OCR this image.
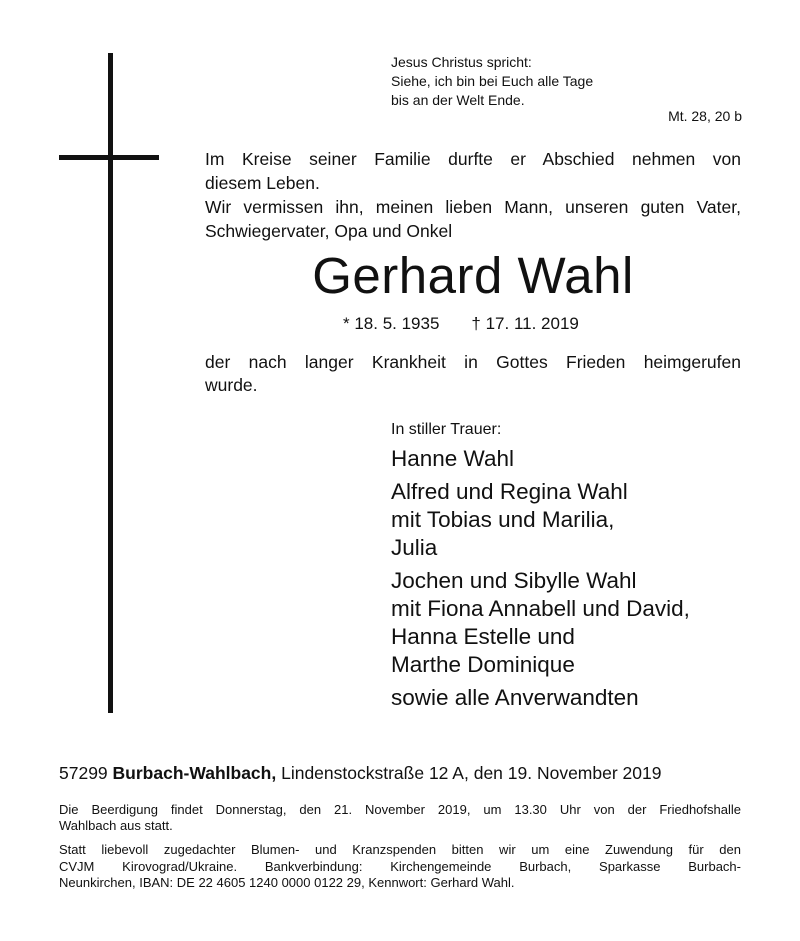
Jesus Christus spricht:
Siehe, ich bin bei Euch alle Tage
bis an der Welt Ende.
Mt. 28, 20 b
Im Kreise seiner Familie durfte er Abschied nehmen von
diesem Leben.
Wir vermissen ihn, meinen lieben Mann, unseren guten Vater,
Schwiegervater, Opa und Onkel
Gerhard Wahl
* 18. 5. 1935 † 17. 11. 2019
der nach langer Krankheit in Gottes Frieden heimgerufen
wurde.
In stiller Trauer:
Hanne Wahl
Alfred und Regina Wahl
mit Tobias und Marilia,
Julia
Jochen und Sibylle Wahl
mit Fiona Annabell und David,
Hanna Estelle und
Marthe Dominique
sowie alle Anverwandten
57299 Burbach-Wahlbach, Lindenstockstraße 12 A, den 19. November 2019
Die Beerdigung findet Donnerstag, den 21. November 2019, um 13.30 Uhr von der Friedhofshalle
Wahlbach aus statt.
Statt liebevoll zugedachter Blumen- und Kranzspenden bitten wir um eine Zuwendung für den
CVJM Kirovograd/Ukraine. Bankverbindung: Kirchengemeinde Burbach, Sparkasse Burbach-
Neunkirchen, IBAN: DE 22 4605 1240 0000 0122 29, Kennwort: Gerhard Wahl.
